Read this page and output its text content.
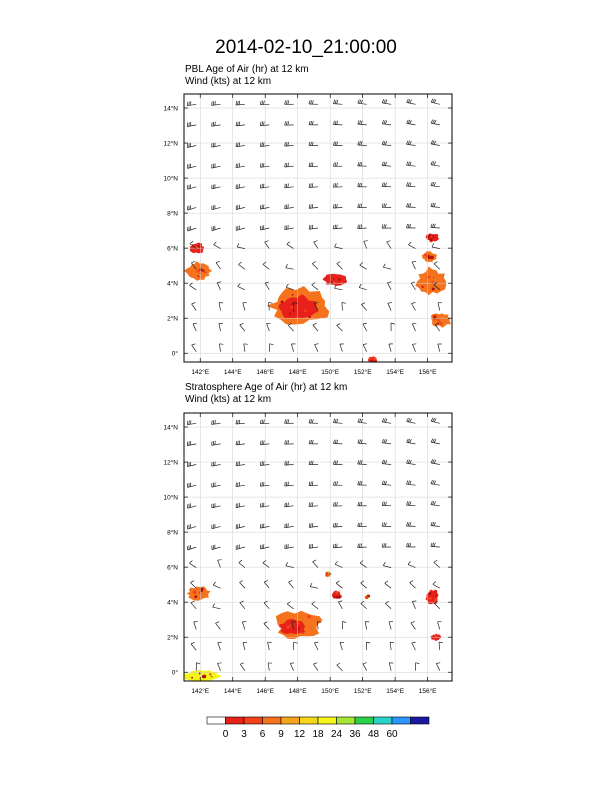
2014-02-10_21:00:00
PBL Age of Air (hr) at 12 km
Wind (kts) at 12 km
142°E 144°E 146°E 148°E 150°E 152°E 154°E 156°E
0°
2°N
4°N
6°N
8°N
10°N
12°N
14°N
Stratosphere Age of Air (hr) at 12 km
Wind (kts) at 12 km
142°E 144°E 146°E 148°E 150°E 152°E 154°E 156°E
0°
2°N
4°N
6°N
8°N
10°N
12°N
14°N
0 3 6 9 12 18 24 36 48 60
